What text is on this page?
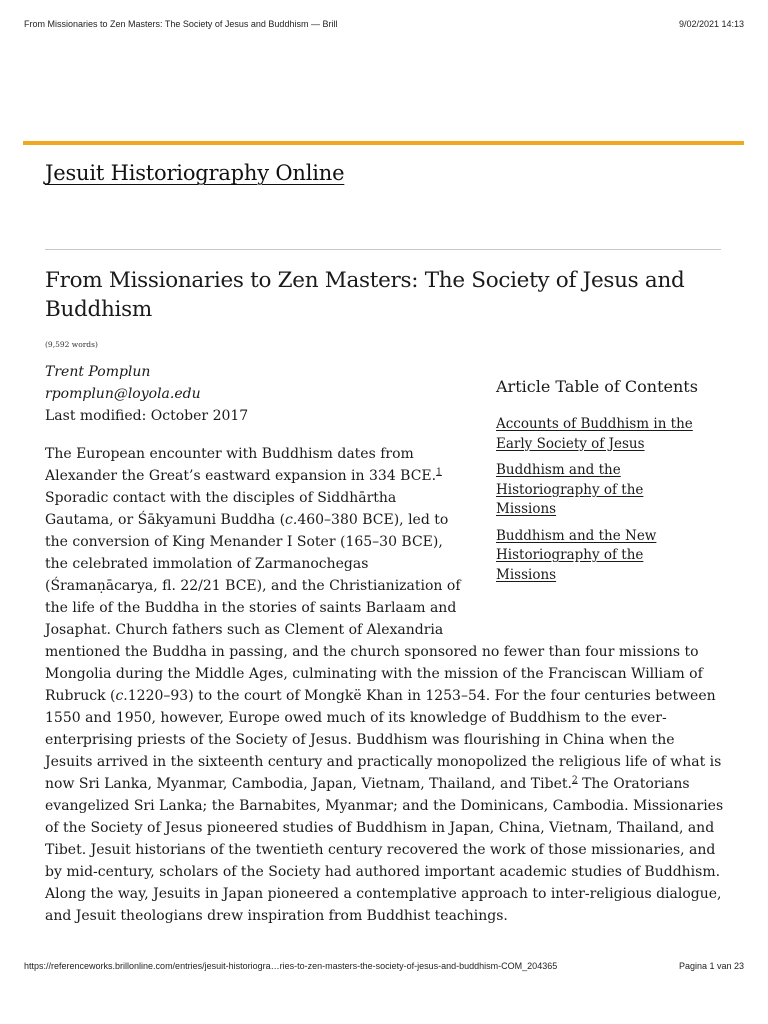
From Missionaries to Zen Masters: The Society of Jesus and Buddhism — Brill	9/02/2021 14:13
Jesuit Historiography Online
From Missionaries to Zen Masters: The Society of Jesus and Buddhism
(9,592 words)
Trent Pomplun
rpomplun@loyola.edu
Last modified: October 2017
Article Table of Contents
Accounts of Buddhism in the Early Society of Jesus
Buddhism and the Historiography of the Missions
Buddhism and the New Historiography of the Missions

The European encounter with Buddhism dates from Alexander the Great’s eastward expansion in 334 BCE.$^1$ Sporadic contact with the disciples of Siddhārtha Gautama, or Śākyamuni Buddha (c.460–380 BCE), led to the conversion of King Menander I Soter (165–30 BCE), the celebrated immolation of Zarmanochegas (Śramaṇācarya, fl. 22/21 BCE), and the Christianization of the life of the Buddha in the stories of saints Barlaam and Josaphat. Church fathers such as Clement of Alexandria

mentioned the Buddha in passing, and the church sponsored no fewer than four missions to Mongolia during the Middle Ages, culminating with the mission of the Franciscan William of Rubruck (c.1220–93) to the court of Mongkë Khan in 1253–54. For the four centuries between 1550 and 1950, however, Europe owed much of its knowledge of Buddhism to the ever-enterprising priests of the Society of Jesus. Buddhism was flourishing in China when the Jesuits arrived in the sixteenth century and practically monopolized the religious life of what is now Sri Lanka, Myanmar, Cambodia, Japan, Vietnam, Thailand, and Tibet.$^2$ The Oratorians evangelized Sri Lanka; the Barnabites, Myanmar; and the Dominicans, Cambodia. Missionaries of the Society of Jesus pioneered studies of Buddhism in Japan, China, Vietnam, Thailand, and Tibet. Jesuit historians of the twentieth century recovered the work of those missionaries, and by mid-century, scholars of the Society had authored important academic studies of Buddhism. Along the way, Jesuits in Japan pioneered a contemplative approach to inter-religious dialogue, and Jesuit theologians drew inspiration from Buddhist teachings.

https://referenceworks.brillonline.com/entries/jesuit-historiogra…ries-to-zen-masters-the-society-of-jesus-and-buddhism-COM_204365	Pagina 1 van 23
